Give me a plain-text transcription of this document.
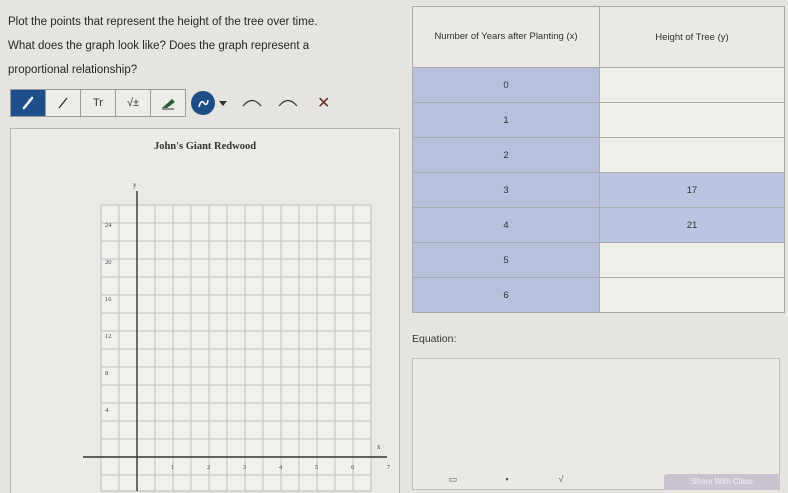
Plot the points that represent the height of the tree over time.

What does the graph look like? Does the graph represent a

proportional relationship?

Tr √±	✕
John's Giant Redwood
y
x
24
20
16
12
8
4
1	2	3	4	5	6	7
Number of Years after Planting (x)	Height of Tree (y)
0	
1	
2	
3	17
4	21
5	
6	
Equation:
▭	▪	√	Share With Class
